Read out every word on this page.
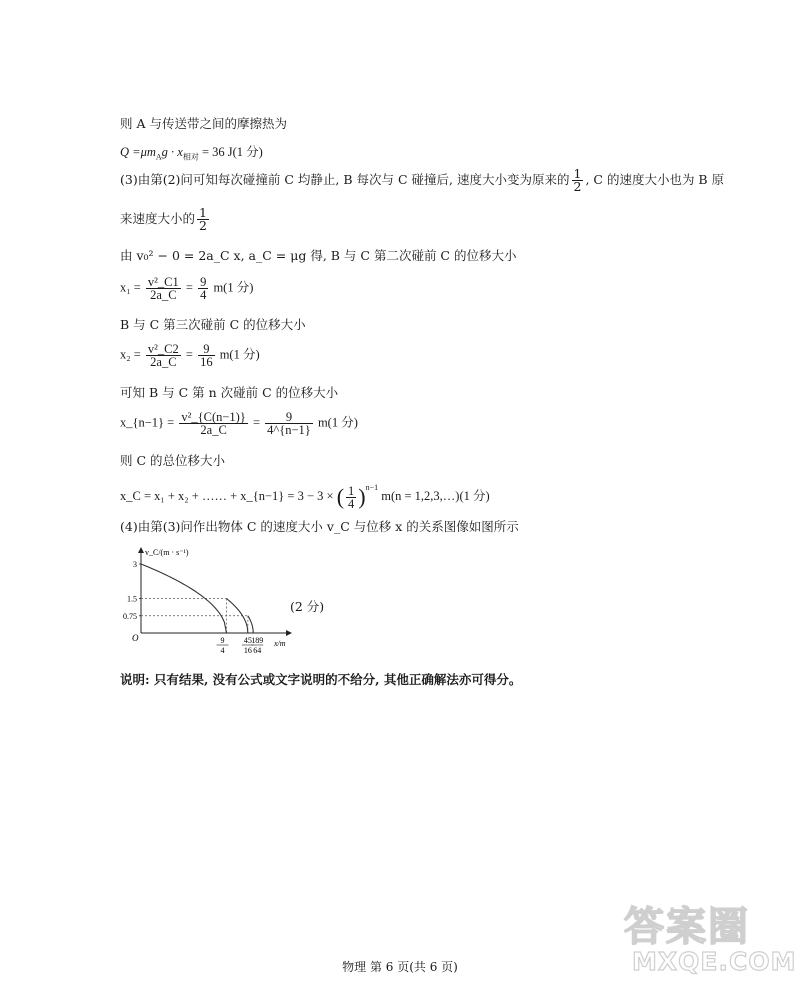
则 A 与传送带之间的摩擦热为
$Q =\mu m_Ag \cdot x_{相对} = 36$ J(1 分)
(3)由第(2)问可知每次碰撞前 C 均静止, B 每次与 C 碰撞后, 速度大小变为原来的 $\frac{1}{2}$ , C 的速度大小也为 B 原
来速度大小的 $\frac{1}{2}$
由 v₀² − 0 = 2a_C x, a_C = μg 得, B 与 C 第二次碰前 C 的位移大小
$x_1 = \frac{\text{v²\_C1}}{2a\_C} = \frac{9}{4} m(1$ 分)
B 与 C 第三次碰前 C 的位移大小
$x_2 = \frac{\text{v²\_C2}}{2a\_C} = \frac{9}{16} m(1$ 分)
可知 B 与 C 第 n 次碰前 C 的位移大小
x_{n−1} = $\frac{\text{v²\_\{C(n−1)\}}}{2a\_C} = \frac{9}{4\^{}\{n-1\}} m(1$ 分)
则 C 的总位移大小
x_C = x₁ + x₂ + …… + x_{n−1} = 3 − 3 × ( $\frac{1}{4} )^{n-1}$ m(n = 1,2,3,…)(1 分)
(4)由第(3)问作出物体 C 的速度大小 v_C 与位移 x 的关系图像如图所示
v_C/(m · s⁻¹)
x/m
O
3
1.5
0.75
9
4
45
16
189
64
(2 分)
说明: 只有结果, 没有公式或文字说明的不给分, 其他正确解法亦可得分。
物理 第 6 页(共 6 页)
答案圈
MXQE.COM
